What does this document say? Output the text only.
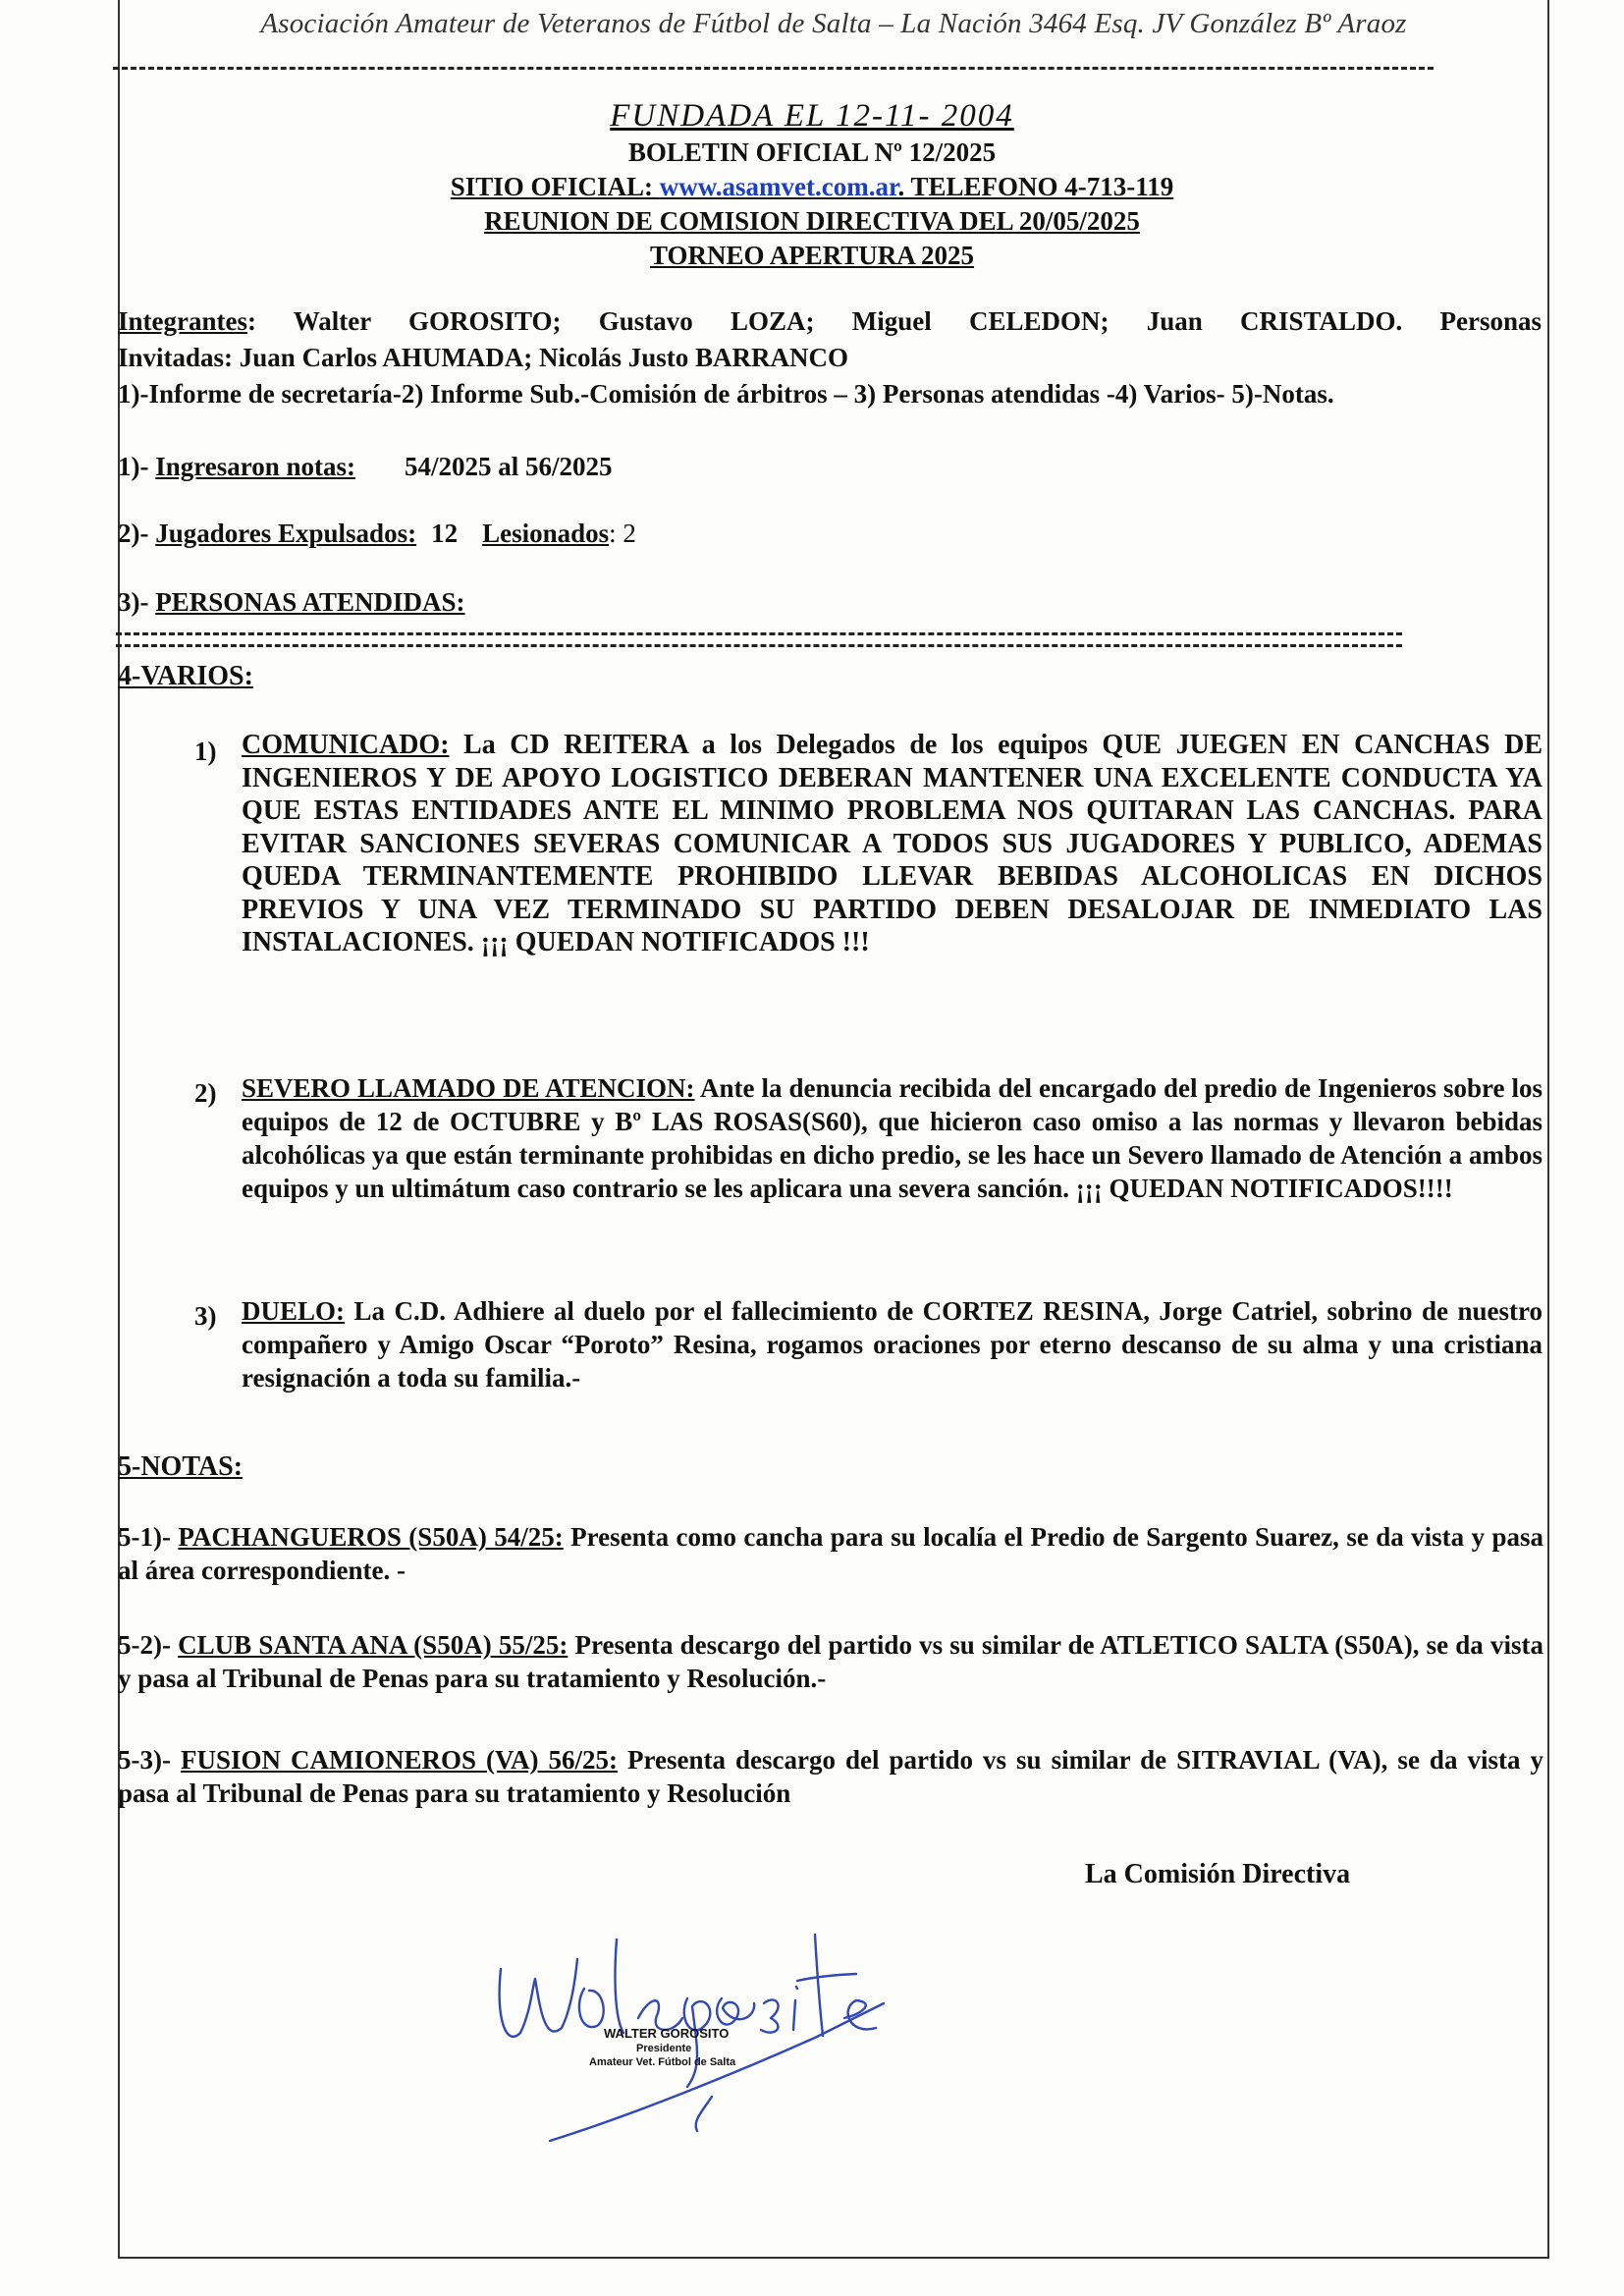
Asociación Amateur de Veteranos de Fútbol de Salta – La Nación 3464 Esq. JV González Bº Araoz
FUNDADA EL 12-11- 2004
BOLETIN OFICIAL Nº 12/2025
SITIO OFICIAL: www.asamvet.com.ar. TELEFONO 4-713-119
REUNION DE COMISION DIRECTIVA DEL 20/05/2025
TORNEO APERTURA 2025
Integrantes: Walter GOROSITO; Gustavo LOZA; Miguel CELEDON; Juan CRISTALDO. Personas
Invitadas: Juan Carlos AHUMADA; Nicolás Justo BARRANCO
1)-Informe de secretaría-2) Informe Sub.-Comisión de árbitros – 3) Personas atendidas -4) Varios- 5)-Notas.
1)- Ingresaron notas: 54/2025 al 56/2025
2)- Jugadores Expulsados: 12 Lesionados: 2
3)- PERSONAS ATENDIDAS:
4-VARIOS:
1) COMUNICADO: La CD REITERA a los Delegados de los equipos QUE JUEGEN EN CANCHAS DE INGENIEROS Y DE APOYO LOGISTICO DEBERAN MANTENER UNA EXCELENTE CONDUCTA YA QUE ESTAS ENTIDADES ANTE EL MINIMO PROBLEMA NOS QUITARAN LAS CANCHAS. PARA EVITAR SANCIONES SEVERAS COMUNICAR A TODOS SUS JUGADORES Y PUBLICO, ADEMAS QUEDA TERMINANTEMENTE PROHIBIDO LLEVAR BEBIDAS ALCOHOLICAS EN DICHOS PREVIOS Y UNA VEZ TERMINADO SU PARTIDO DEBEN DESALOJAR DE INMEDIATO LAS INSTALACIONES. ¡¡¡ QUEDAN NOTIFICADOS !!!
2) SEVERO LLAMADO DE ATENCION: Ante la denuncia recibida del encargado del predio de Ingenieros sobre los equipos de 12 de OCTUBRE y Bº LAS ROSAS(S60), que hicieron caso omiso a las normas y llevaron bebidas alcohólicas ya que están terminante prohibidas en dicho predio, se les hace un Severo llamado de Atención a ambos equipos y un ultimátum caso contrario se les aplicara una severa sanción. ¡¡¡ QUEDAN NOTIFICADOS!!!!
3) DUELO: La C.D. Adhiere al duelo por el fallecimiento de CORTEZ RESINA, Jorge Catriel, sobrino de nuestro compañero y Amigo Oscar “Poroto” Resina, rogamos oraciones por eterno descanso de su alma y una cristiana resignación a toda su familia.-
5-NOTAS:
5-1)- PACHANGUEROS (S50A) 54/25: Presenta como cancha para su localía el Predio de Sargento Suarez, se da vista y pasa al área correspondiente. -
5-2)- CLUB SANTA ANA (S50A) 55/25: Presenta descargo del partido vs su similar de ATLETICO SALTA (S50A), se da vista y pasa al Tribunal de Penas para su tratamiento y Resolución.-
5-3)- FUSION CAMIONEROS (VA) 56/25: Presenta descargo del partido vs su similar de SITRAVIAL (VA), se da vista y pasa al Tribunal de Penas para su tratamiento y Resolución
La Comisión Directiva
WALTER GOROSITO
Presidente
Amateur Vet. Fútbol de Salta
